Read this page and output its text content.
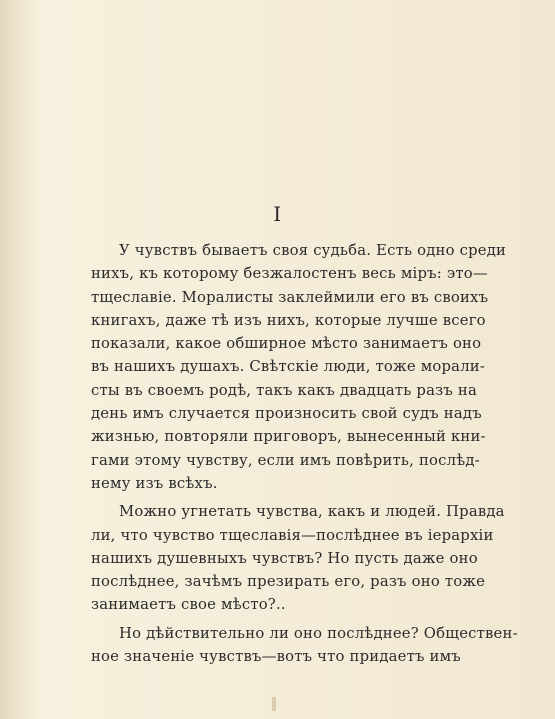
I
У чувствъ бываетъ своя судьба. Есть одно среди
нихъ, къ которому безжалостенъ весь міръ: это—
тщеславіе. Моралисты заклеймили его въ своихъ
книгахъ, даже тѣ изъ нихъ, которые лучше всего
показали, какое обширное мѣсто занимаетъ оно
въ нашихъ душахъ. Свѣтскіе люди, тоже морали-
сты въ своемъ родѣ, такъ какъ двадцать разъ на
день имъ случается произносить свой судъ надъ
жизнью, повторяли приговоръ, вынесенный кни-
гами этому чувству, если имъ повѣрить, послѣд-
нему изъ всѣхъ.
Можно угнетать чувства, какъ и людей. Правда
ли, что чувство тщеславія—послѣднее въ іерархіи
нашихъ душевныхъ чувствъ? Но пусть даже оно
послѣднее, зачѣмъ презирать его, разъ оно тоже
занимаетъ свое мѣсто?..
Но дѣйствительно ли оно послѣднее? Обществен-
ное значеніе чувствъ—вотъ что придаетъ имъ
